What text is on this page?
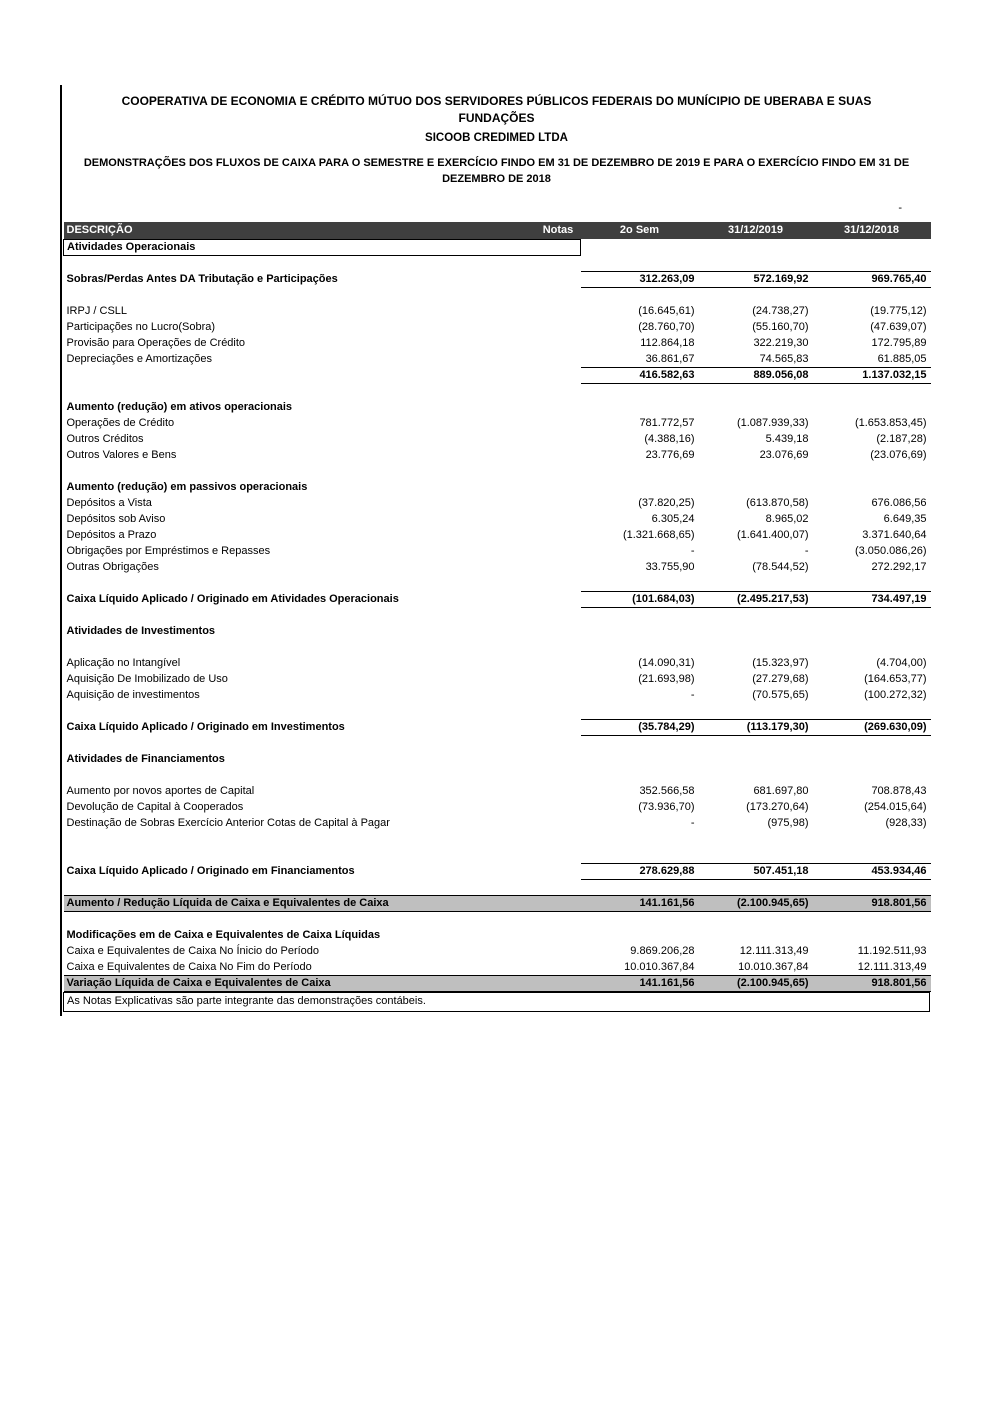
COOPERATIVA DE ECONOMIA E CRÉDITO MÚTUO DOS SERVIDORES PÚBLICOS FEDERAIS DO MUNÍCIPIO DE UBERABA E SUAS FUNDAÇÕES
SICOOB CREDIMED LTDA
DEMONSTRAÇÕES DOS FLUXOS DE CAIXA PARA O SEMESTRE E EXERCÍCIO FINDO EM 31 DE DEZEMBRO DE 2019 E PARA O EXERCÍCIO FINDO EM 31 DE DEZEMBRO DE 2018
-
DESCRIÇÃO	Notas	2o Sem	31/12/2019	31/12/2018
Atividades Operacionais				

Sobras/Perdas Antes DA Tributação e Participações		312.263,09	572.169,92	969.765,40

IRPJ / CSLL		(16.645,61)	(24.738,27)	(19.775,12)
Participações no Lucro(Sobra)		(28.760,70)	(55.160,70)	(47.639,07)
Provisão para Operações de Crédito		112.864,18	322.219,30	172.795,89
Depreciações e Amortizações		36.861,67	74.565,83	61.885,05
		416.582,63	889.056,08	1.137.032,15

Aumento (redução) em ativos operacionais				
Operações de Crédito		781.772,57	(1.087.939,33)	(1.653.853,45)
Outros Créditos		(4.388,16)	5.439,18	(2.187,28)
Outros Valores e Bens		23.776,69	23.076,69	(23.076,69)

Aumento (redução) em passivos operacionais				
Depósitos a Vista		(37.820,25)	(613.870,58)	676.086,56
Depósitos sob Aviso		6.305,24	8.965,02	6.649,35
Depósitos a Prazo		(1.321.668,65)	(1.641.400,07)	3.371.640,64
Obrigações por Empréstimos e Repasses		-	-	(3.050.086,26)
Outras Obrigações		33.755,90	(78.544,52)	272.292,17

Caixa Líquido Aplicado / Originado em Atividades Operacionais		(101.684,03)	(2.495.217,53)	734.497,19

Atividades de Investimentos				

Aplicação no Intangível		(14.090,31)	(15.323,97)	(4.704,00)
Aquisição De Imobilizado de Uso		(21.693,98)	(27.279,68)	(164.653,77)
Aquisição de investimentos		-	(70.575,65)	(100.272,32)

Caixa Líquido Aplicado / Originado em Investimentos		(35.784,29)	(113.179,30)	(269.630,09)

Atividades de Financiamentos				

Aumento por novos aportes de Capital		352.566,58	681.697,80	708.878,43
Devolução de Capital à Cooperados		(73.936,70)	(173.270,64)	(254.015,64)
Destinação de Sobras Exercício Anterior Cotas de Capital à Pagar		-	(975,98)	(928,33)

Caixa Líquido Aplicado / Originado em Financiamentos		278.629,88	507.451,18	453.934,46

Aumento / Redução Líquida de Caixa e Equivalentes de Caixa		141.161,56	(2.100.945,65)	918.801,56

Modificações em de Caixa e Equivalentes de Caixa Líquidas				
Caixa e Equivalentes de Caixa No Ínicio do Período		9.869.206,28	12.111.313,49	11.192.511,93
Caixa e Equivalentes de Caixa No Fim do Período		10.010.367,84	10.010.367,84	12.111.313,49
Variação Líquida de Caixa e Equivalentes de Caixa		141.161,56	(2.100.945,65)	918.801,56
As Notas Explicativas são parte integrante das demonstrações contábeis.
